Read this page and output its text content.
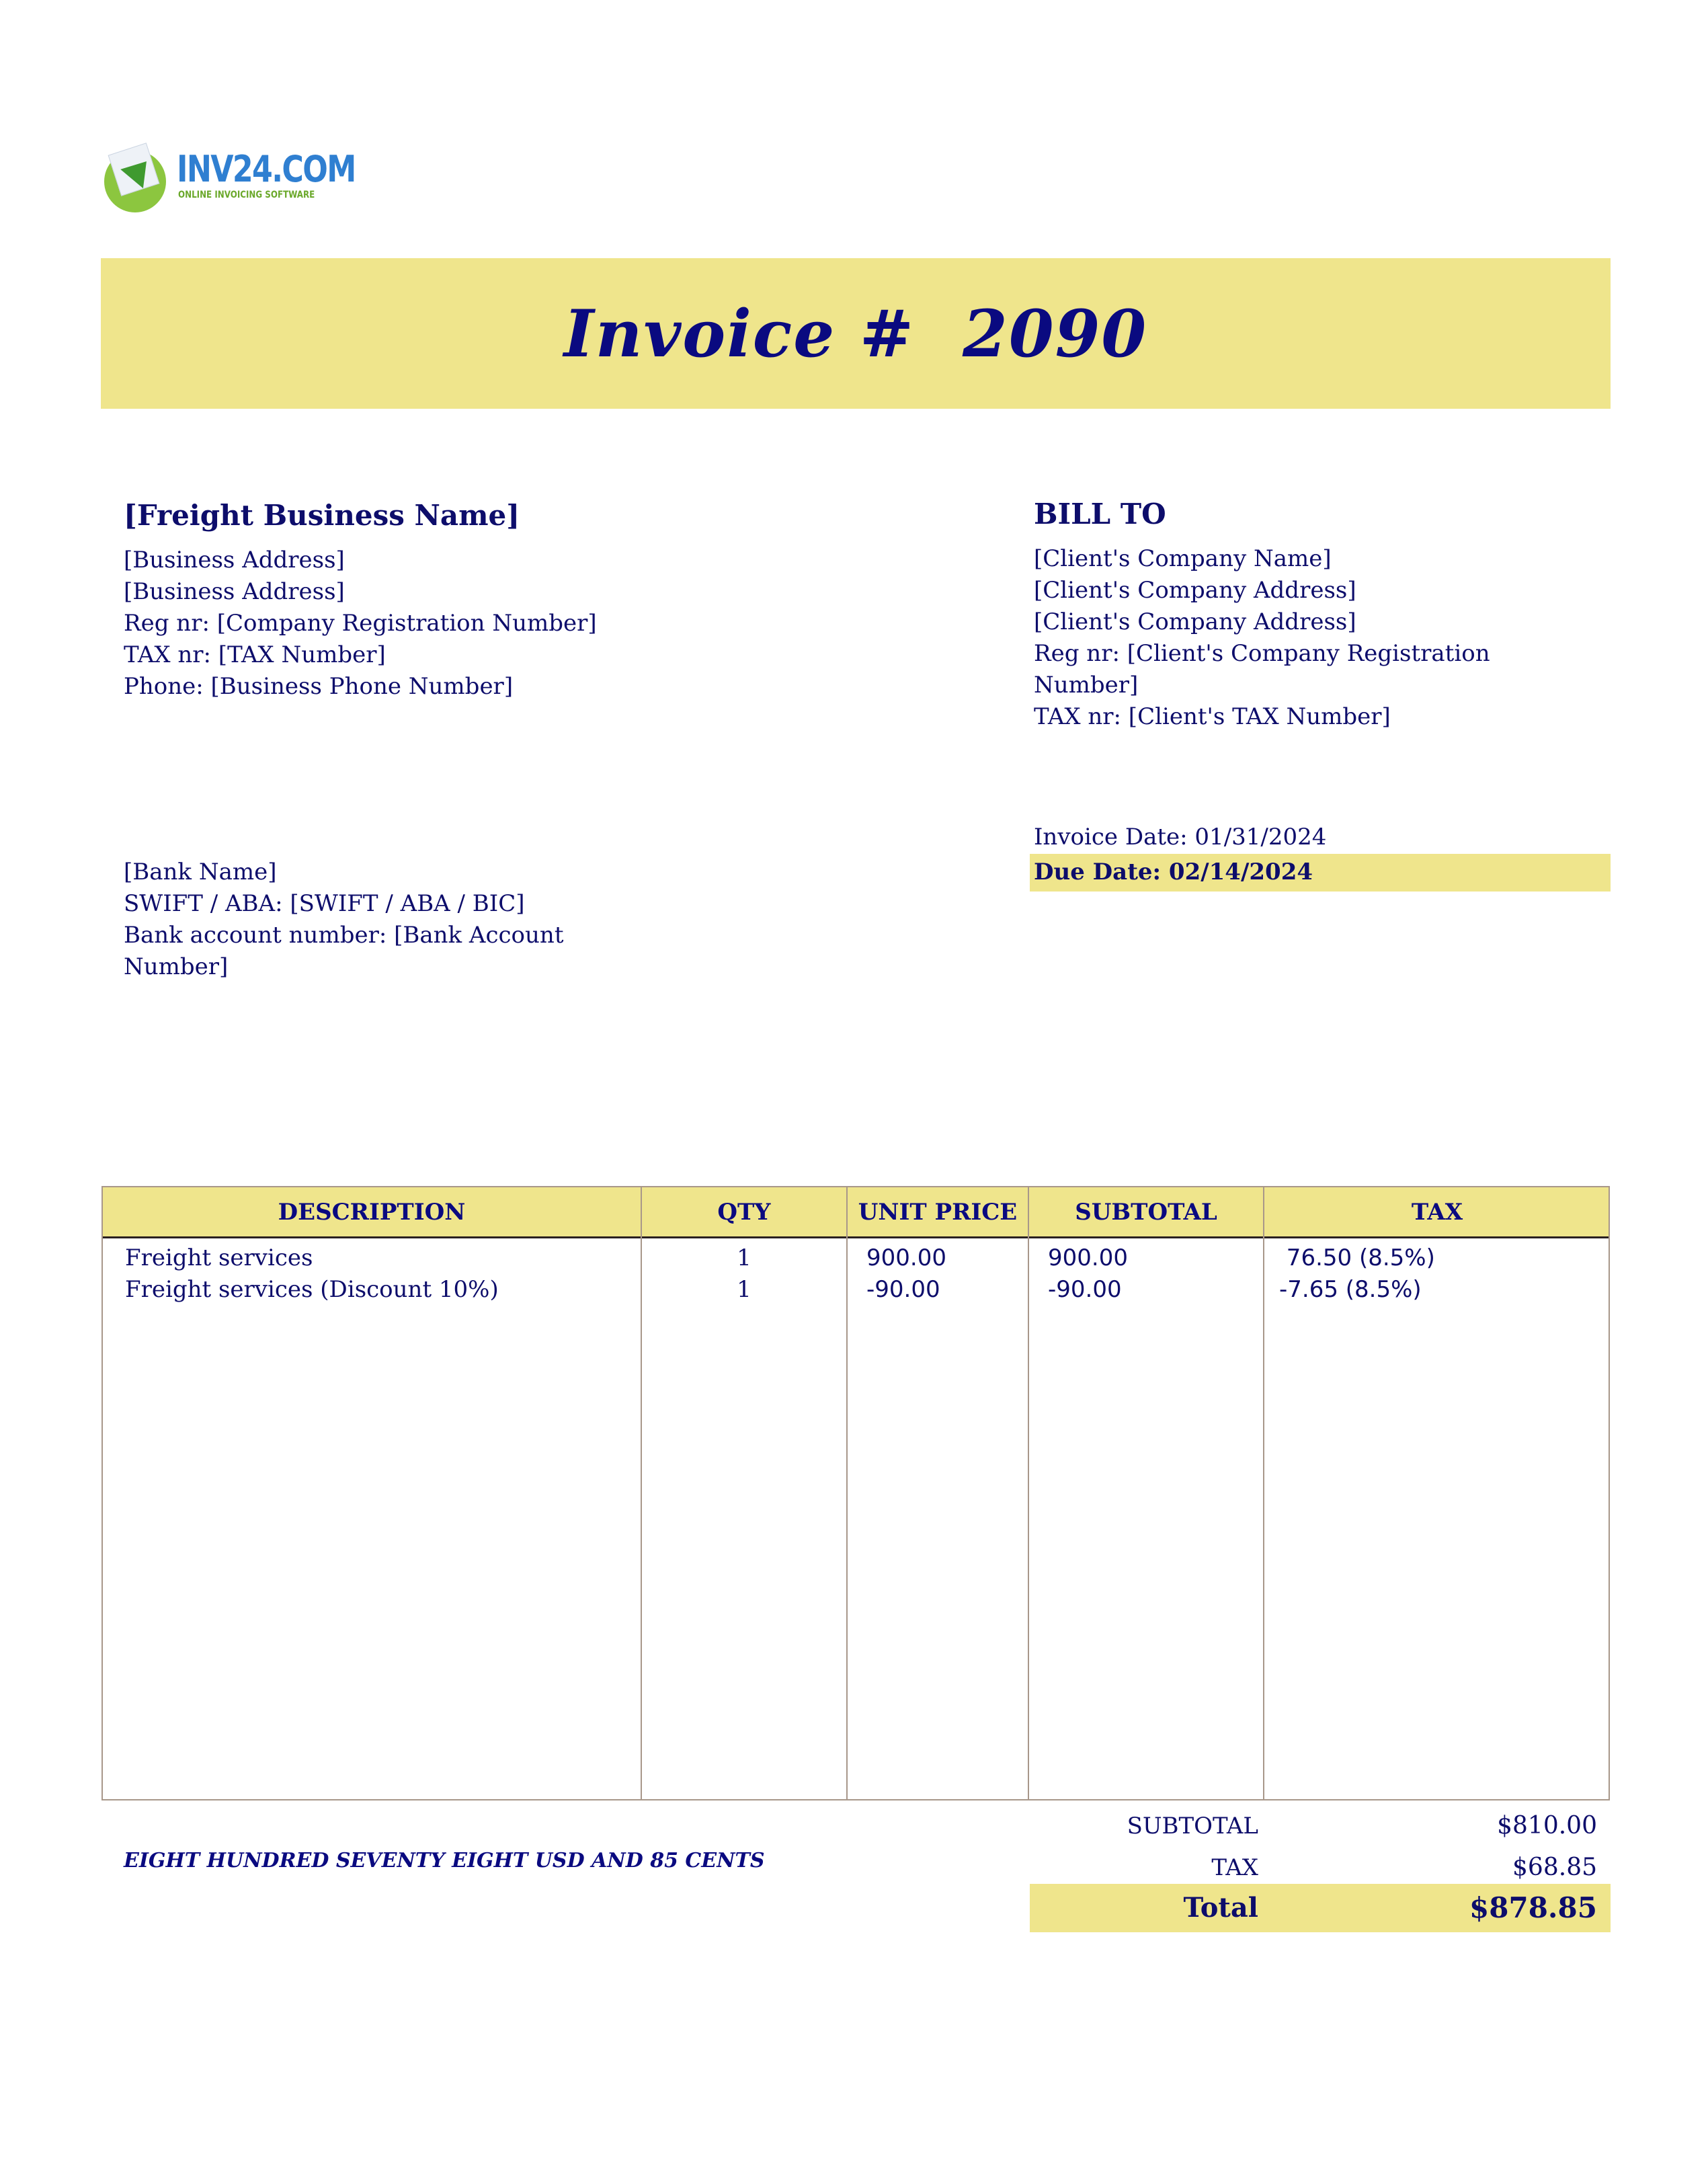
INV24.COM
ONLINE INVOICING SOFTWARE
Invoice #  2090
[Freight Business Name]
[Business Address]
[Business Address]
Reg nr: [Company Registration Number]
TAX nr: [TAX Number]
Phone: [Business Phone Number]
BILL TO
[Client's Company Name]
[Client's Company Address]
[Client's Company Address]
Reg nr: [Client's Company Registration
Number]
TAX nr: [Client's TAX Number]
Invoice Date: 01/31/2024
Due Date: 02/14/2024
[Bank Name]
SWIFT / ABA: [SWIFT / ABA / BIC]
Bank account number: [Bank Account
Number]
DESCRIPTION	QTY	UNIT PRICE	SUBTOTAL	TAX
Freight services	1	900.00	900.00	76.50 (8.5%)
Freight services (Discount 10%)	1	-90.00	-90.00	-7.65 (8.5%)
EIGHT HUNDRED SEVENTY EIGHT USD AND 85 CENTS
SUBTOTAL	$810.00
TAX	$68.85
Total	$878.85
